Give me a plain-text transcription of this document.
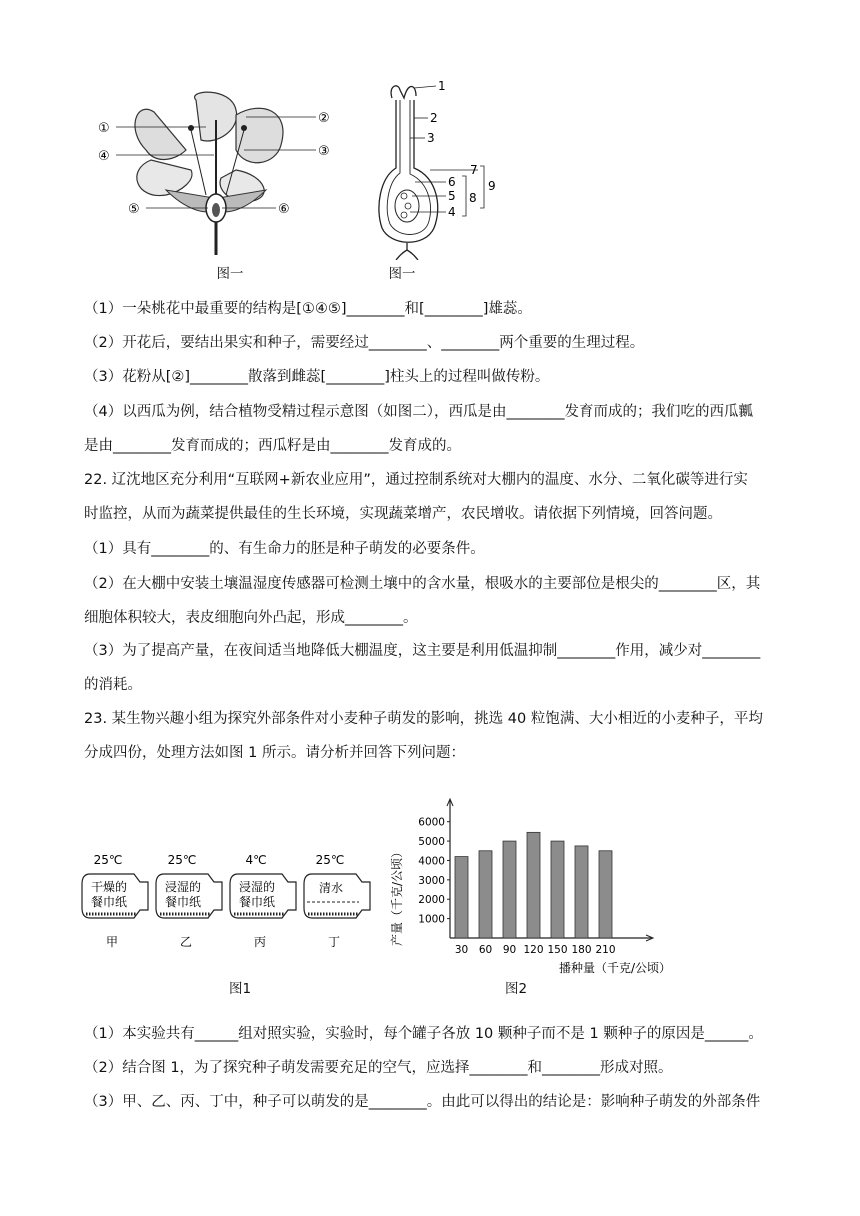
①
②
④	③
⑤	⑥
图一
1
2
3
7
6
5
4
9
8
图一
（1）一朵桃花中最重要的结构是[①④⑤]________和[________]雄蕊。
（2）开花后，要结出果实和种子，需要经过________、________两个重要的生理过程。
（3）花粉从[②]________散落到雌蕊[________]柱头上的过程叫做传粉。
（4）以西瓜为例，结合植物受精过程示意图（如图二），西瓜是由________发育而成的；我们吃的西瓜瓤
是由________发育而成的；西瓜籽是由________发育成的。
22. 辽沈地区充分利用“互联网+新农业应用”，通过控制系统对大棚内的温度、水分、二氧化碳等进行实
时监控，从而为蔬菜提供最佳的生长环境，实现蔬菜增产，农民增收。请依据下列情境，回答问题。
（1）具有________的、有生命力的胚是种子萌发的必要条件。
（2）在大棚中安装土壤温湿度传感器可检测土壤中的含水量，根吸水的主要部位是根尖的________区，其
细胞体积较大，表皮细胞向外凸起，形成________。
（3）为了提高产量，在夜间适当地降低大棚温度，这主要是利用低温抑制________作用，减少对________
的消耗。
23. 某生物兴趣小组为探究外部条件对小麦种子萌发的影响，挑选 40 粒饱满、大小相近的小麦种子，平均
分成四份，处理方法如图 1 所示。请分析并回答下列问题：
25℃
干燥的
餐巾纸
甲
25℃
浸湿的
餐巾纸
乙
4℃
浸湿的
餐巾纸
丙
25℃
清水
丁
图1
1000
2000
3000
4000
5000
6000
30 60 90 120 150 180 210
产量（千克/公顷）
播种量（千克/公顷）
图2
（1）本实验共有______组对照实验，实验时，每个罐子各放 10 颗种子而不是 1 颗种子的原因是______。
（2）结合图 1，为了探究种子萌发需要充足的空气，应选择________和________形成对照。
（3）甲、乙、丙、丁中，种子可以萌发的是________。由此可以得出的结论是：影响种子萌发的外部条件
